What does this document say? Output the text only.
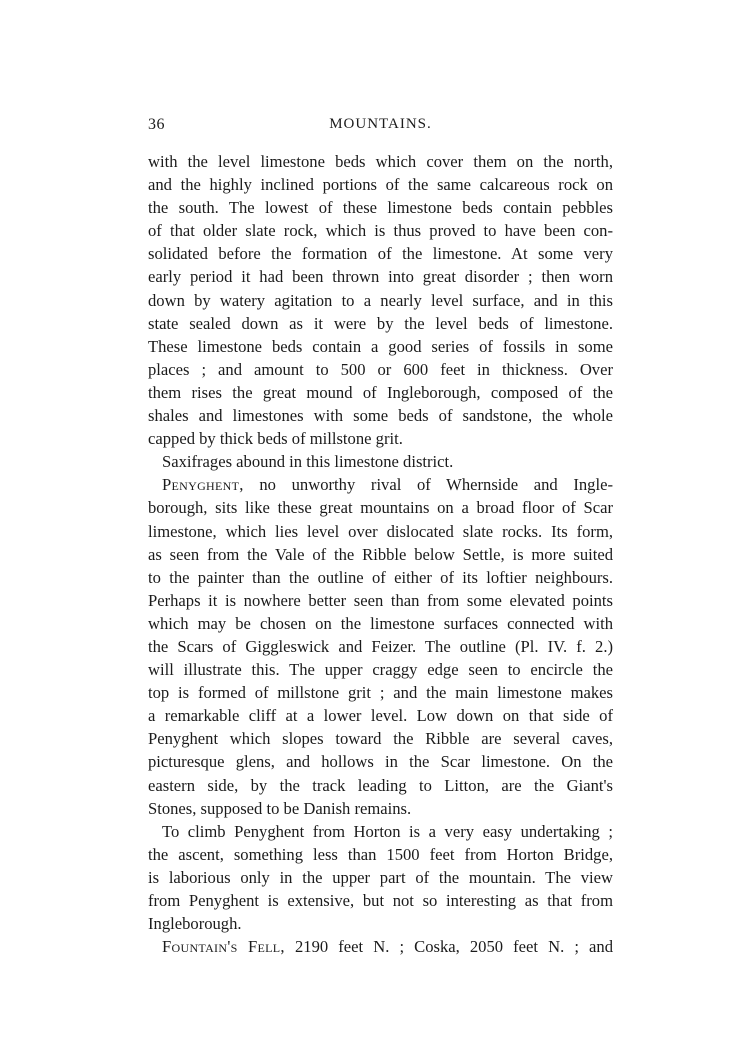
36	MOUNTAINS.
with the level limestone beds which cover them on the north,
and the highly inclined portions of the same calcareous rock on
the south. The lowest of these limestone beds contain pebbles
of that older slate rock, which is thus proved to have been con-
solidated before the formation of the limestone. At some very
early period it had been thrown into great disorder ; then worn
down by watery agitation to a nearly level surface, and in this
state sealed down as it were by the level beds of limestone.
These limestone beds contain a good series of fossils in some
places ; and amount to 500 or 600 feet in thickness. Over
them rises the great mound of Ingleborough, composed of the
shales and limestones with some beds of sandstone, the whole
capped by thick beds of millstone grit.
Saxifrages abound in this limestone district.
Penyghent, no unworthy rival of Whernside and Ingle-
borough, sits like these great mountains on a broad floor of Scar
limestone, which lies level over dislocated slate rocks. Its form,
as seen from the Vale of the Ribble below Settle, is more suited
to the painter than the outline of either of its loftier neighbours.
Perhaps it is nowhere better seen than from some elevated points
which may be chosen on the limestone surfaces connected with
the Scars of Giggleswick and Feizer. The outline (Pl. IV. f. 2.)
will illustrate this. The upper craggy edge seen to encircle the
top is formed of millstone grit ; and the main limestone makes
a remarkable cliff at a lower level. Low down on that side of
Penyghent which slopes toward the Ribble are several caves,
picturesque glens, and hollows in the Scar limestone. On the
eastern side, by the track leading to Litton, are the Giant's
Stones, supposed to be Danish remains.
To climb Penyghent from Horton is a very easy undertaking ;
the ascent, something less than 1500 feet from Horton Bridge,
is laborious only in the upper part of the mountain. The view
from Penyghent is extensive, but not so interesting as that from
Ingleborough.
Fountain's Fell, 2190 feet N. ; Coska, 2050 feet N. ; and
